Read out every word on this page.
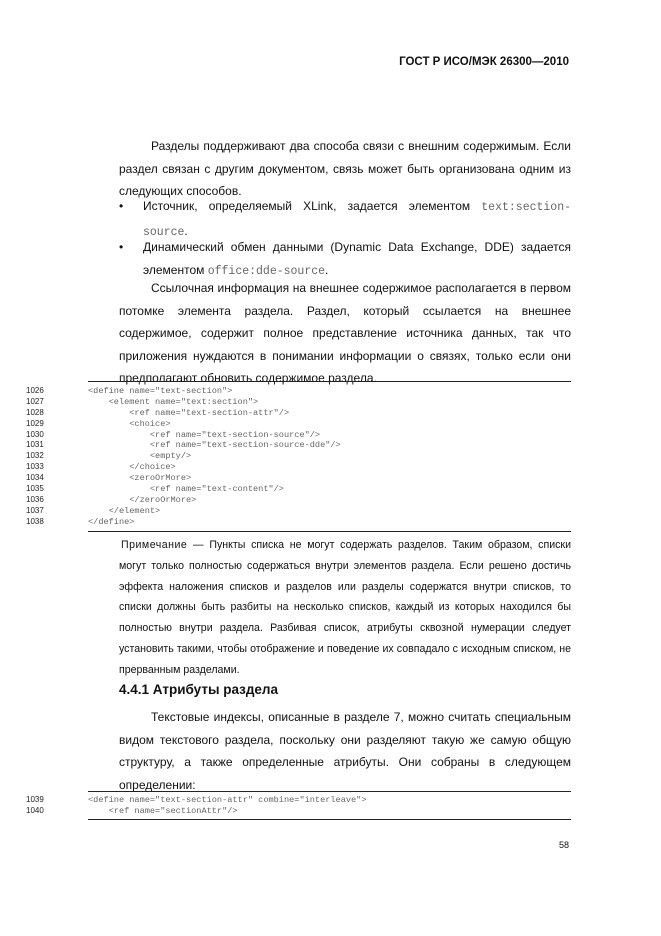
ГОСТ Р ИСО/МЭК 26300—2010
Разделы поддерживают два способа связи с внешним содержимым. Если раздел связан с другим документом, связь может быть организована одним из следующих способов.
•	Источник, определяемый XLink, задается элементом text:section-source.
•	Динамический обмен данными (Dynamic Data Exchange, DDE) задается элементом office:dde-source.
Ссылочная информация на внешнее содержимое располагается в первом потомке элемента раздела. Раздел, который ссылается на внешнее содержимое, содержит полное представление источника данных, так что приложения нуждаются в понимании информации о связях, только если они предполагают обновить содержимое раздела.
1026	<define name="text-section">
1027	<element name="text:section">
1028	<ref name="text-section-attr"/>
1029	<choice>
1030	<ref name="text-section-source"/>
1031	<ref name="text-section-source-dde"/>
1032	<empty/>
1033	</choice>
1034	<zeroOrMore>
1035	<ref name="text-content"/>
1036	</zeroOrMore>
1037	</element>
1038	</define>
Примечание — Пункты списка не могут содержать разделов. Таким образом, списки могут только полностью содержаться внутри элементов раздела. Если решено достичь эффекта наложения списков и разделов или разделы содержатся внутри списков, то списки должны быть разбиты на несколько списков, каждый из которых находился бы полностью внутри раздела. Разбивая список, атрибуты сквозной нумерации следует установить такими, чтобы отображение и поведение их совпадало с исходным списком, не прерванным разделами.
4.4.1 Атрибуты раздела
Текстовые индексы, описанные в разделе 7, можно считать специальным видом текстового раздела, поскольку они разделяют такую же самую общую структуру, а также определенные атрибуты. Они собраны в следующем определении:
1039	<define name="text-section-attr" combine="interleave">
1040	<ref name="sectionAttr"/>
58
